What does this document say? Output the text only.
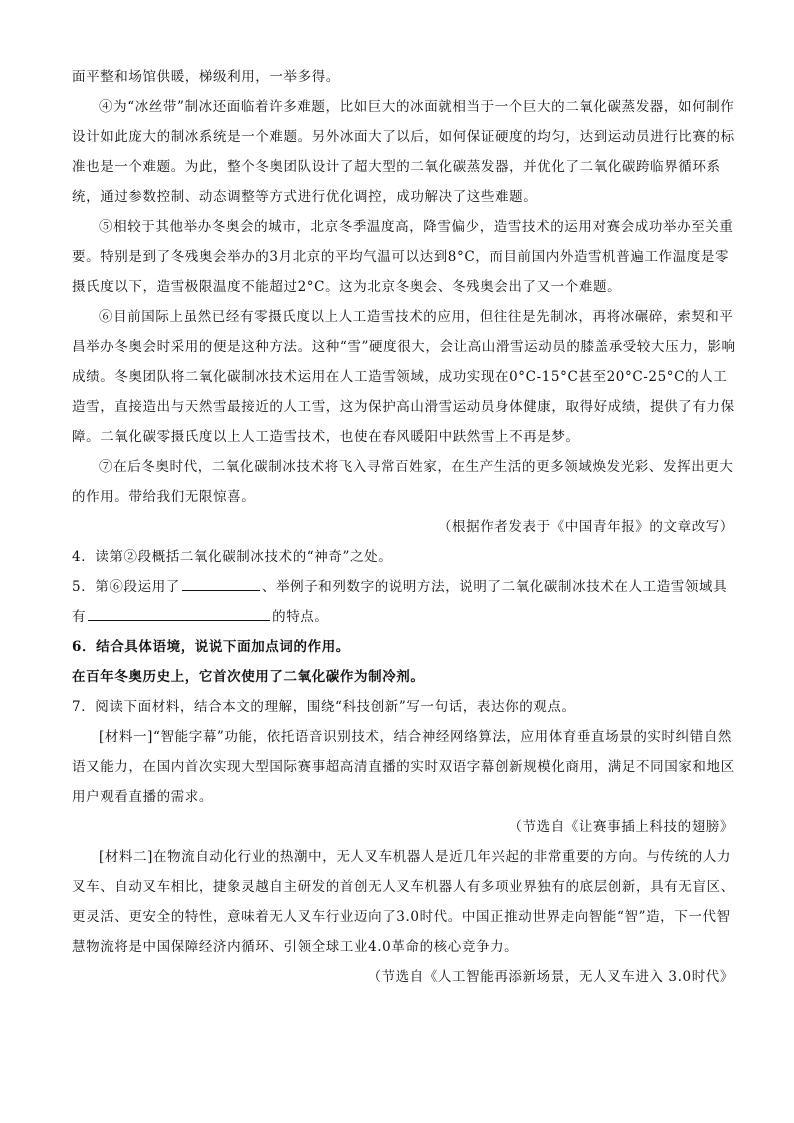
面平整和场馆供暖，梯级利用，一举多得。

④为“冰丝带”制冰还面临着许多难题，比如巨大的冰面就相当于一个巨大的二氧化碳蒸发器，如何制作设计如此庞大的制冰系统是一个难题。另外冰面大了以后，如何保证硬度的均匀，达到运动员进行比赛的标准也是一个难题。为此，整个冬奥团队设计了超大型的二氧化碳蒸发器，并优化了二氧化碳跨临界循环系统，通过参数控制、动态调整等方式进行优化调控，成功解决了这些难题。

⑤相较于其他举办冬奥会的城市，北京冬季温度高，降雪偏少，造雪技术的运用对赛会成功举办至关重要。特别是到了冬残奥会举办的3月北京的平均气温可以达到8°C，而目前国内外造雪机普遍工作温度是零摄氏度以下，造雪极限温度不能超过2°C。这为北京冬奥会、冬残奥会出了又一个难题。

⑥目前国际上虽然已经有零摄氏度以上人工造雪技术的应用，但往往是先制冰，再将冰碾碎，索契和平昌举办冬奥会时采用的便是这种方法。这种“雪”硬度很大，会让高山滑雪运动员的膝盖承受较大压力，影响成绩。冬奥团队将二氧化碳制冰技术运用在人工造雪领域，成功实现在0°C-15°C甚至20°C-25°C的人工造雪，直接造出与天然雪最接近的人工雪，这为保护高山滑雪运动员身体健康，取得好成绩，提供了有力保障。二氧化碳零摄氏度以上人工造雪技术，也使在春风暖阳中趺然雪上不再是梦。

⑦在后冬奥时代，二氧化碳制冰技术将飞入寻常百姓家，在生产生活的更多领域焕发光彩、发挥出更大的作用。带给我们无限惊喜。

（根据作者发表于《中国青年报》的文章改写）

4．读第②段概括二氧化碳制冰技术的“神奇”之处。

5．第⑥段运用了	、举例子和列数字的说明方法，说明了二氧化碳制冰技术在人工造雪领域具
有	的特点。

6．结合具体语境，说说下面加点词的作用。

在百年冬奥历史上，它首次使用了二氧化碳作为制冷剂。

7．阅读下面材料，结合本文的理解，围绕“科技创新”写一句话，表达你的观点。

[材料一]“智能字幕”功能，依托语音识别技术，结合神经网络算法，应用体育垂直场景的实时纠错自然语又能力，在国内首次实现大型国际赛事超高清直播的实时双语字幕创新规模化商用，满足不同国家和地区用户观看直播的需求。

（节选自《让赛事插上科技的翅膀》

[材料二]在物流自动化行业的热潮中，无人叉车机器人是近几年兴起的非常重要的方向。与传统的人力叉车、自动叉车相比，捷象灵越自主研发的首创无人叉车机器人有多项业界独有的底层创新，具有无盲区、更灵活、更安全的特性，意味着无人叉车行业迈向了3.0时代。中国正推动世界走向智能“智”造，下一代智慧物流将是中国保障经济内循环、引领全球工业4.0革命的核心竞争力。

（节选自《人工智能再添新场景，无人叉车进入 3.0时代》
